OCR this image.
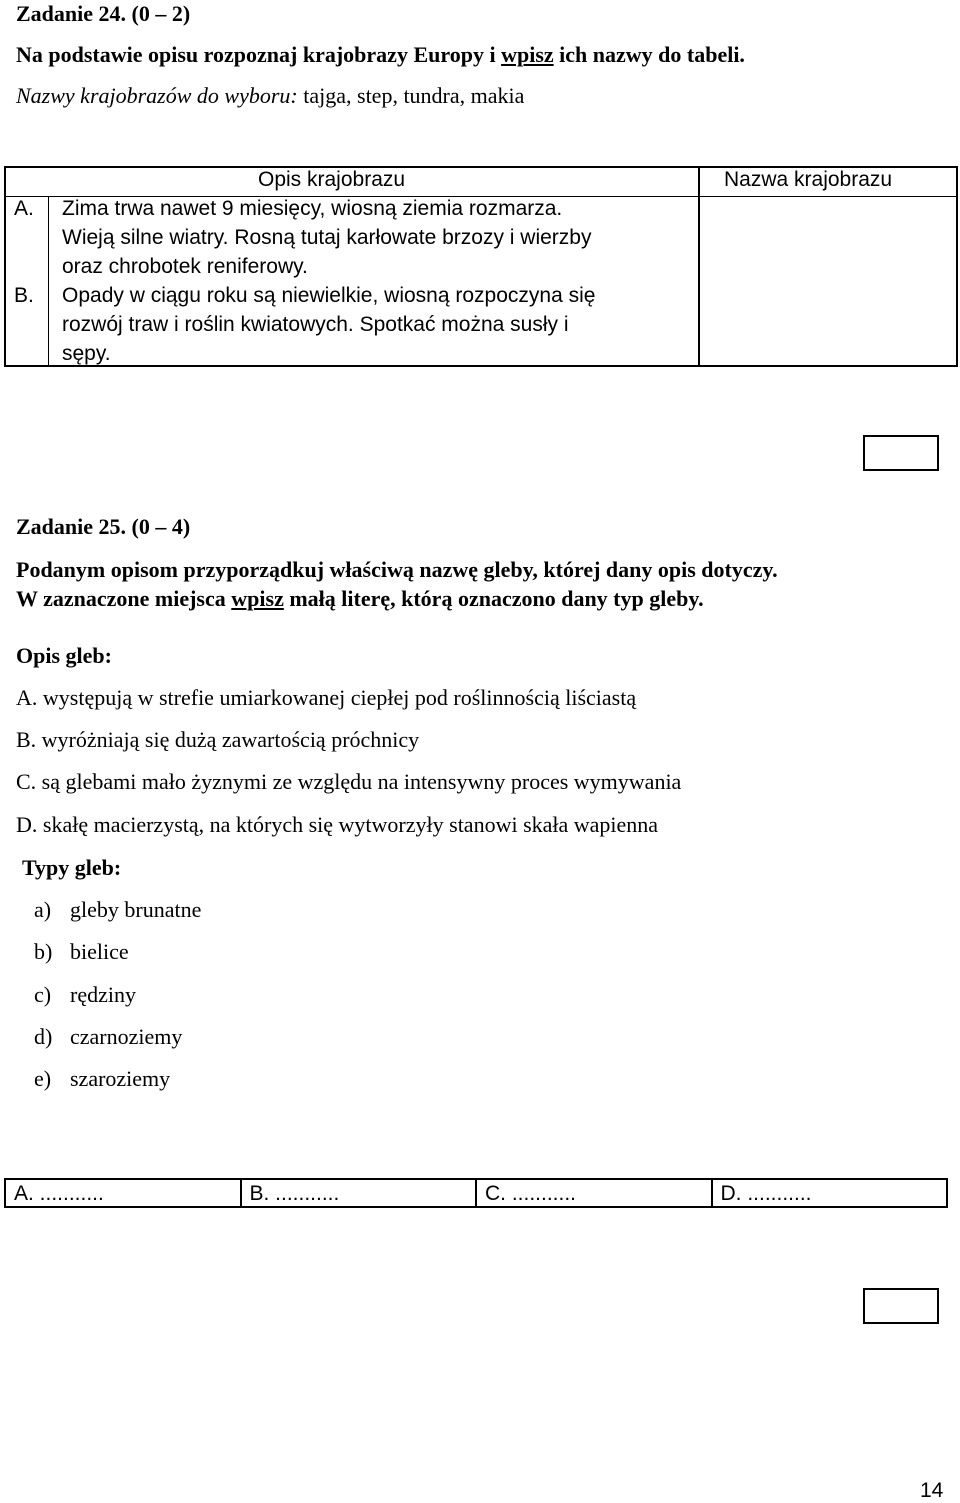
Zadanie 24. (0 – 2)
Na podstawie opisu rozpoznaj krajobrazy Europy i wpisz ich nazwy do tabeli.
Nazwy krajobrazów do wyboru: tajga, step, tundra, makia
Opis krajobrazu	Nazwa krajobrazu
A. Zima trwa nawet 9 miesięcy, wiosną ziemia rozmarza.
Wieją silne wiatry. Rosną tutaj karłowate brzozy i wierzby
oraz chrobotek reniferowy.
B. Opady w ciągu roku są niewielkie, wiosną rozpoczyna się
rozwój traw i roślin kwiatowych. Spotkać można susły i
sępy.
Zadanie 25. (0 – 4)
Podanym opisom przyporządkuj właściwą nazwę gleby, której dany opis dotyczy.
W zaznaczone miejsca wpisz małą literę, którą oznaczono dany typ gleby.
Opis gleb:
A. występują w strefie umiarkowanej ciepłej pod roślinnością liściastą
B. wyróżniają się dużą zawartością próchnicy
C. są glebami mało żyznymi ze względu na intensywny proces wymywania
D. skałę macierzystą, na których się wytworzyły stanowi skała wapienna
Typy gleb:
a) gleby brunatne
b) bielice
c) rędziny
d) czarnoziemy
e) szaroziemy
A. ...........	B. ...........	C. ...........	D. ...........
14
